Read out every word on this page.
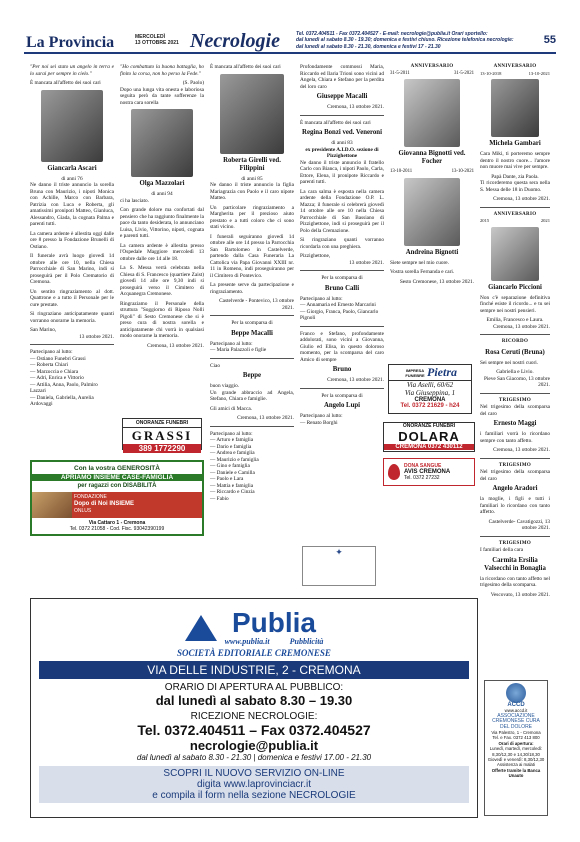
La Provincia	MERCOLEDÌ
13 OTTOBRE 2021 Necrologie	Tel. 0372.404511 - Fax 0372.404527 - E-mail: necrologie@publia.it Orari sportello:
dal lunedì al sabato 8.30 - 19.30; domenica e festivi chiuso. Ricezione telefonica necrologie:
dal lunedì al sabato 8.30 - 21.30, domenica e festivi 17 - 21.30
55

"Per noi sei stato un angelo in terra e lo sarai per sempre in cielo."

È mancata all'affetto dei suoi cari

Giancarla Ascari
di anni 76

Ne danno il triste annuncio la sorella Bruna con Maurizio, i nipoti Monica con Achille, Marco con Barbara, Patrizia con Luca e Roberta, gli amatissimi pronipoti Matteo, Gianluca, Alessandro, Giada, la cognata Palma e parenti tutti.

La camera ardente è allestita oggi dalle ore 8 presso la Fondazione Brunelli di Ostiano.

Il funerale avrà luogo giovedì 14 ottobre alle ore 10, nella Chiesa Parrocchiale di San Marino, indi si proseguirà per il Polo Crematorio di Cremona.

Un sentito ringraziamento al dott. Quattrone e a tutto il Personale per le cure prestate.

Si ringraziano anticipatamente quanti vorranno onorarne la memoria.

San Marino,
13 ottobre 2021.
Partecipano al lutto:
— Ostiano Funebri Grassi
— Roberta Chiari
— Marzoccia e Chiara
— Adri, Enrica e Vittorio
— Attilia, Anna, Paolo, Palmiro Lazzari
— Daniela, Gabriella, Aurelia Ardovaggi

"Ho combattuto la buona battaglia, ho finito la corsa, non ho perso la Fede."

(S. Paolo)

Dopo una lunga vita onesta e laboriosa seguita però da tante sofferenze la nostra cara sorella

Olga Mazzolari
di anni 94

ci ha lasciato.

Con grande dolore ma confortati dal pensiero che ha raggiunto finalmente la pace da tanto desiderata, lo annunciano Luisa, Livio, Vittorino, nipoti, cognata e parenti tutti.

La camera ardente è allestita presso l'Ospedale Maggiore mercoledì 13 ottobre dalle ore 14 alle 18.

La S. Messa verrà celebrata nella Chiesa di S. Francesco (quartiere Zaist) giovedì 14 alle ore 9,30 indi si proseguirà verso il Cimitero di Acquanegra Cremonese.

Ringraziamo il Personale della struttura "Soggiorno di Riposo Nolli Pigoli" di Sesto Cremonese che si è preso cura di nostra sorella e anticipatamente chi vorrà in qualsiasi modo onorarne la memoria.

Cremona, 13 ottobre 2021.
ONORANZE FUNEBRI
GRASSI
389 1772290
Con la vostra GENEROSITÀ
APRIAMO INSIEME CASE-FAMIGLIA
per ragazzi con DISABILITÀ
FONDAZIONE
Dopo di Noi INSIEME
ONLUS
Via Cattaro 1 - Cremona
Tel. 0372 21058 - Cod. Fisc. 93042390199

È mancata all'affetto dei suoi cari

Roberta Girelli ved. Filippini
di anni 85

Ne danno il triste annuncio la figlia Mariagrazia con Paolo e il caro nipote Matteo.

Un particolare ringraziamento a Margherita per il prezioso aiuto prestato e a tutti coloro che ci sono stati vicino.

I funerali seguiranno giovedì 14 ottobre alle ore 14 presso la Parrocchia San Bartolomeo in Castelverde, partendo dalla Casa Funeraria La Cattolica via Papa Giovanni XXIII nr. 11 in Romeno, indi proseguiranno per il Cimitero di Pontevico.

La presente serve da partecipazione e ringraziamento.

Castelverde - Pontevico, 13 ottobre 2021.
Per la scomparsa di
Beppe Macalli
Partecipano al lutto:
— Maria Palazzoli e figlie
Ciao
Beppe
buon viaggio.

Un grande abbraccio ad Angela, Stefano, Chiara e famiglie.

Gli amici di Macca.

Cremona, 13 ottobre 2021.
Partecipano al lutto:
— Arturo e famiglia
— Dario e famiglia
— Andrea e famiglia
— Maurizio e famiglia
— Gino e famiglia
— Daniele e Camilla
— Paolo e Lara
— Mattia e famiglia
— Riccardo e Cinzia
— Fabio

Profondamente commossi Maria, Riccardo ed Ilaria Trioni sono vicini ad Angela, Chiara e Stefano per la perdita del loro caro

Giuseppe Macalli
Cremona, 13 ottobre 2021.

È mancata all'affetto dei suoi cari

Regina Bonzi ved. Veneroni
di anni 83
ex presidente A.I.D.O. sezione di Pizzighettone

Ne danno il triste annuncio il fratello Carlo con Bianca, i nipoti Paolo, Carla, Ettore, Elena, il pronipote Riccardo e parenti tutti.

La cara salma è esposta nella camera ardente della Fondazione O.P. L. Mazza; il funerale si celebrerà giovedì 14 ottobre alle ore 10 nella Chiesa Parrocchiale di San Bassiano di Pizzighettone, indi si proseguirà per il Polo della Cremazione.

Si ringraziano quanti vorranno ricordarla con una preghiera.

Pizzighettone,
13 ottobre 2021.
Per la scomparsa di
Bruno Calli
Partecipano al lutto:
— Annamaria ed Ernesto Marcarini
— Giorgio, Franca, Paolo, Giancarlo Pignoli

Franco e Stefano, profondamente addolorati, sono vicini a Giovanna, Giulio ed Elisa, in questo doloroso momento, per la scomparsa del caro Amico di sempre

Bruno
Cremona, 13 ottobre 2021.
Per la scomparsa di
Angelo Lupi
Partecipano al lutto:
— Renato Borghi
✦
ANNIVERSARIO
31-5-2011	31-5-2021
Giovanna Bignotti ved. Focher
13-10-2011	13-10-2021
Andreina Bignotti

Siete sempre nel mio cuore.

Vostra sorella Fernanda e cari.

Sesto Cremonese, 13 ottobre 2021.
IMPRESA FUNEBRE Pietra
Via Aselli, 60/62
Via Giuseppina, 1
CREMONA
Tel. 0372 21629 - h24
ONORANZE FUNEBRI
DOLARA
CREMONA 0372 430112
DONA SANGUE
AVIS CREMONA
Tel. 0372 27232
ANNIVERSARIO
13-10-2018	13-10-2021
Michela Gambari

Cara Miki, ti porteremo sempre dentro il nostro cuore... l'amore non muore mai vive per sempre.

Papà Dante, zia Paola.

Ti ricorderemo questa sera nella S. Messa delle 18 in Duomo.

Cremona, 13 ottobre 2021.
ANNIVERSARIO
2015	2021
Giancarlo Piccioni

Non c'è separazione definitiva finché esiste il ricordo... e tu sei sempre nei nostri pensieri.

Emilia, Francesco e Laura.
Cremona, 13 ottobre 2021.
RICORDO
Rosa Ceruti (Bruna)

Sei sempre nei nostri cuori.

Gabriella e Livio.
Pieve San Giacomo, 13 ottobre 2021.
TRIGESIMO

Nel trigesimo della scomparsa del caro

Ernesto Maggi

i familiari vorrà lo ricordano sempre con tanto affetto.

Cremona, 13 ottobre 2021.
TRIGESIMO

Nel trigesimo della scomparsa del caro

Angelo Aradori

la moglie, i figli e tutti i familiari lo ricordano con tanto affetto.

Castelverde- Cavatigozzi, 13 ottobre 2021.
TRIGESIMO

I familiari della cara

Carmita Ersilia Valsecchi in Bonaglia

la ricordano con tanto affetto nel trigesimo della scomparsa.

Vescovato, 13 ottobre 2021.
ACCD
www.accd.it
ASSOCIAZIONE CREMONESE CURA DEL DOLORE
Via Palestro, 1 - Cremona
Tel. e Fax. 0372 413 800
Orari di apertura:
Lunedì, martedì, mercoledì: 8,30/12,30 e 14,30/18,30
Giovedì e venerdì: 8,30/12,30
Assistenza ai malati
Offerte tramite la Banca Unauto
Publia
www.publia.it	Pubblicità
SOCIETÀ EDITORIALE CREMONESE
VIA DELLE INDUSTRIE, 2 - CREMONA
ORARIO DI APERTURA AL PUBBLICO:
dal lunedì al sabato 8.30 – 19.30
RICEZIONE NECROLOGIE:
Tel. 0372.404511 – Fax 0372.404527
necrologie@publia.it
dal lunedì al sabato 8.30 - 21.30 | domenica e festivi 17.00 - 21.30
SCOPRI IL NUOVO SERVIZIO ON-LINE
digita www.laprovinciacr.it
e compila il form nella sezione NECROLOGIE
